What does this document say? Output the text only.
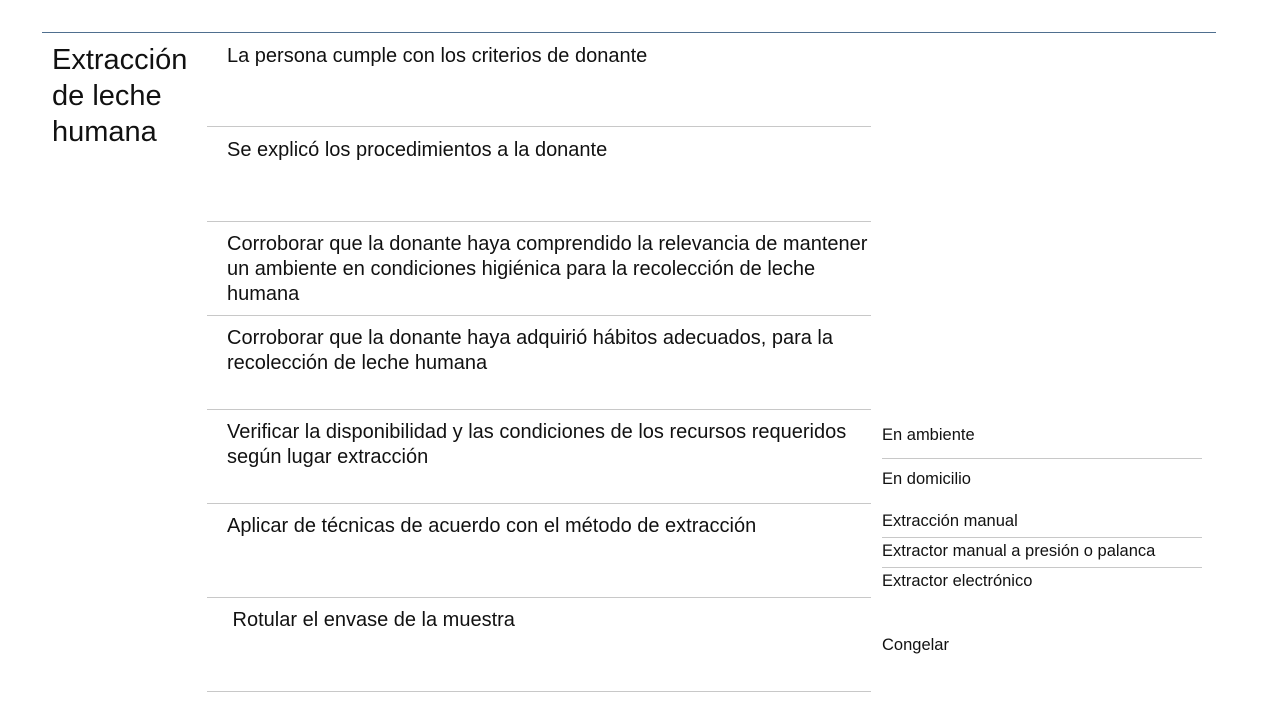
Extracción de leche humana
La persona cumple con los criterios de donante
Se explicó los procedimientos a la donante
Corroborar que la donante haya comprendido la relevancia de mantener un ambiente en condiciones higiénica para la recolección de leche humana
Corroborar que la donante haya adquirió hábitos adecuados, para la recolección de leche humana
Verificar la disponibilidad y las condiciones de los recursos requeridos según lugar extracción
Aplicar de técnicas de acuerdo con el método de extracción
Rotular el envase de la muestra
En ambiente
En domicilio
Extracción manual
Extractor manual a presión o palanca
Extractor electrónico
Congelar
